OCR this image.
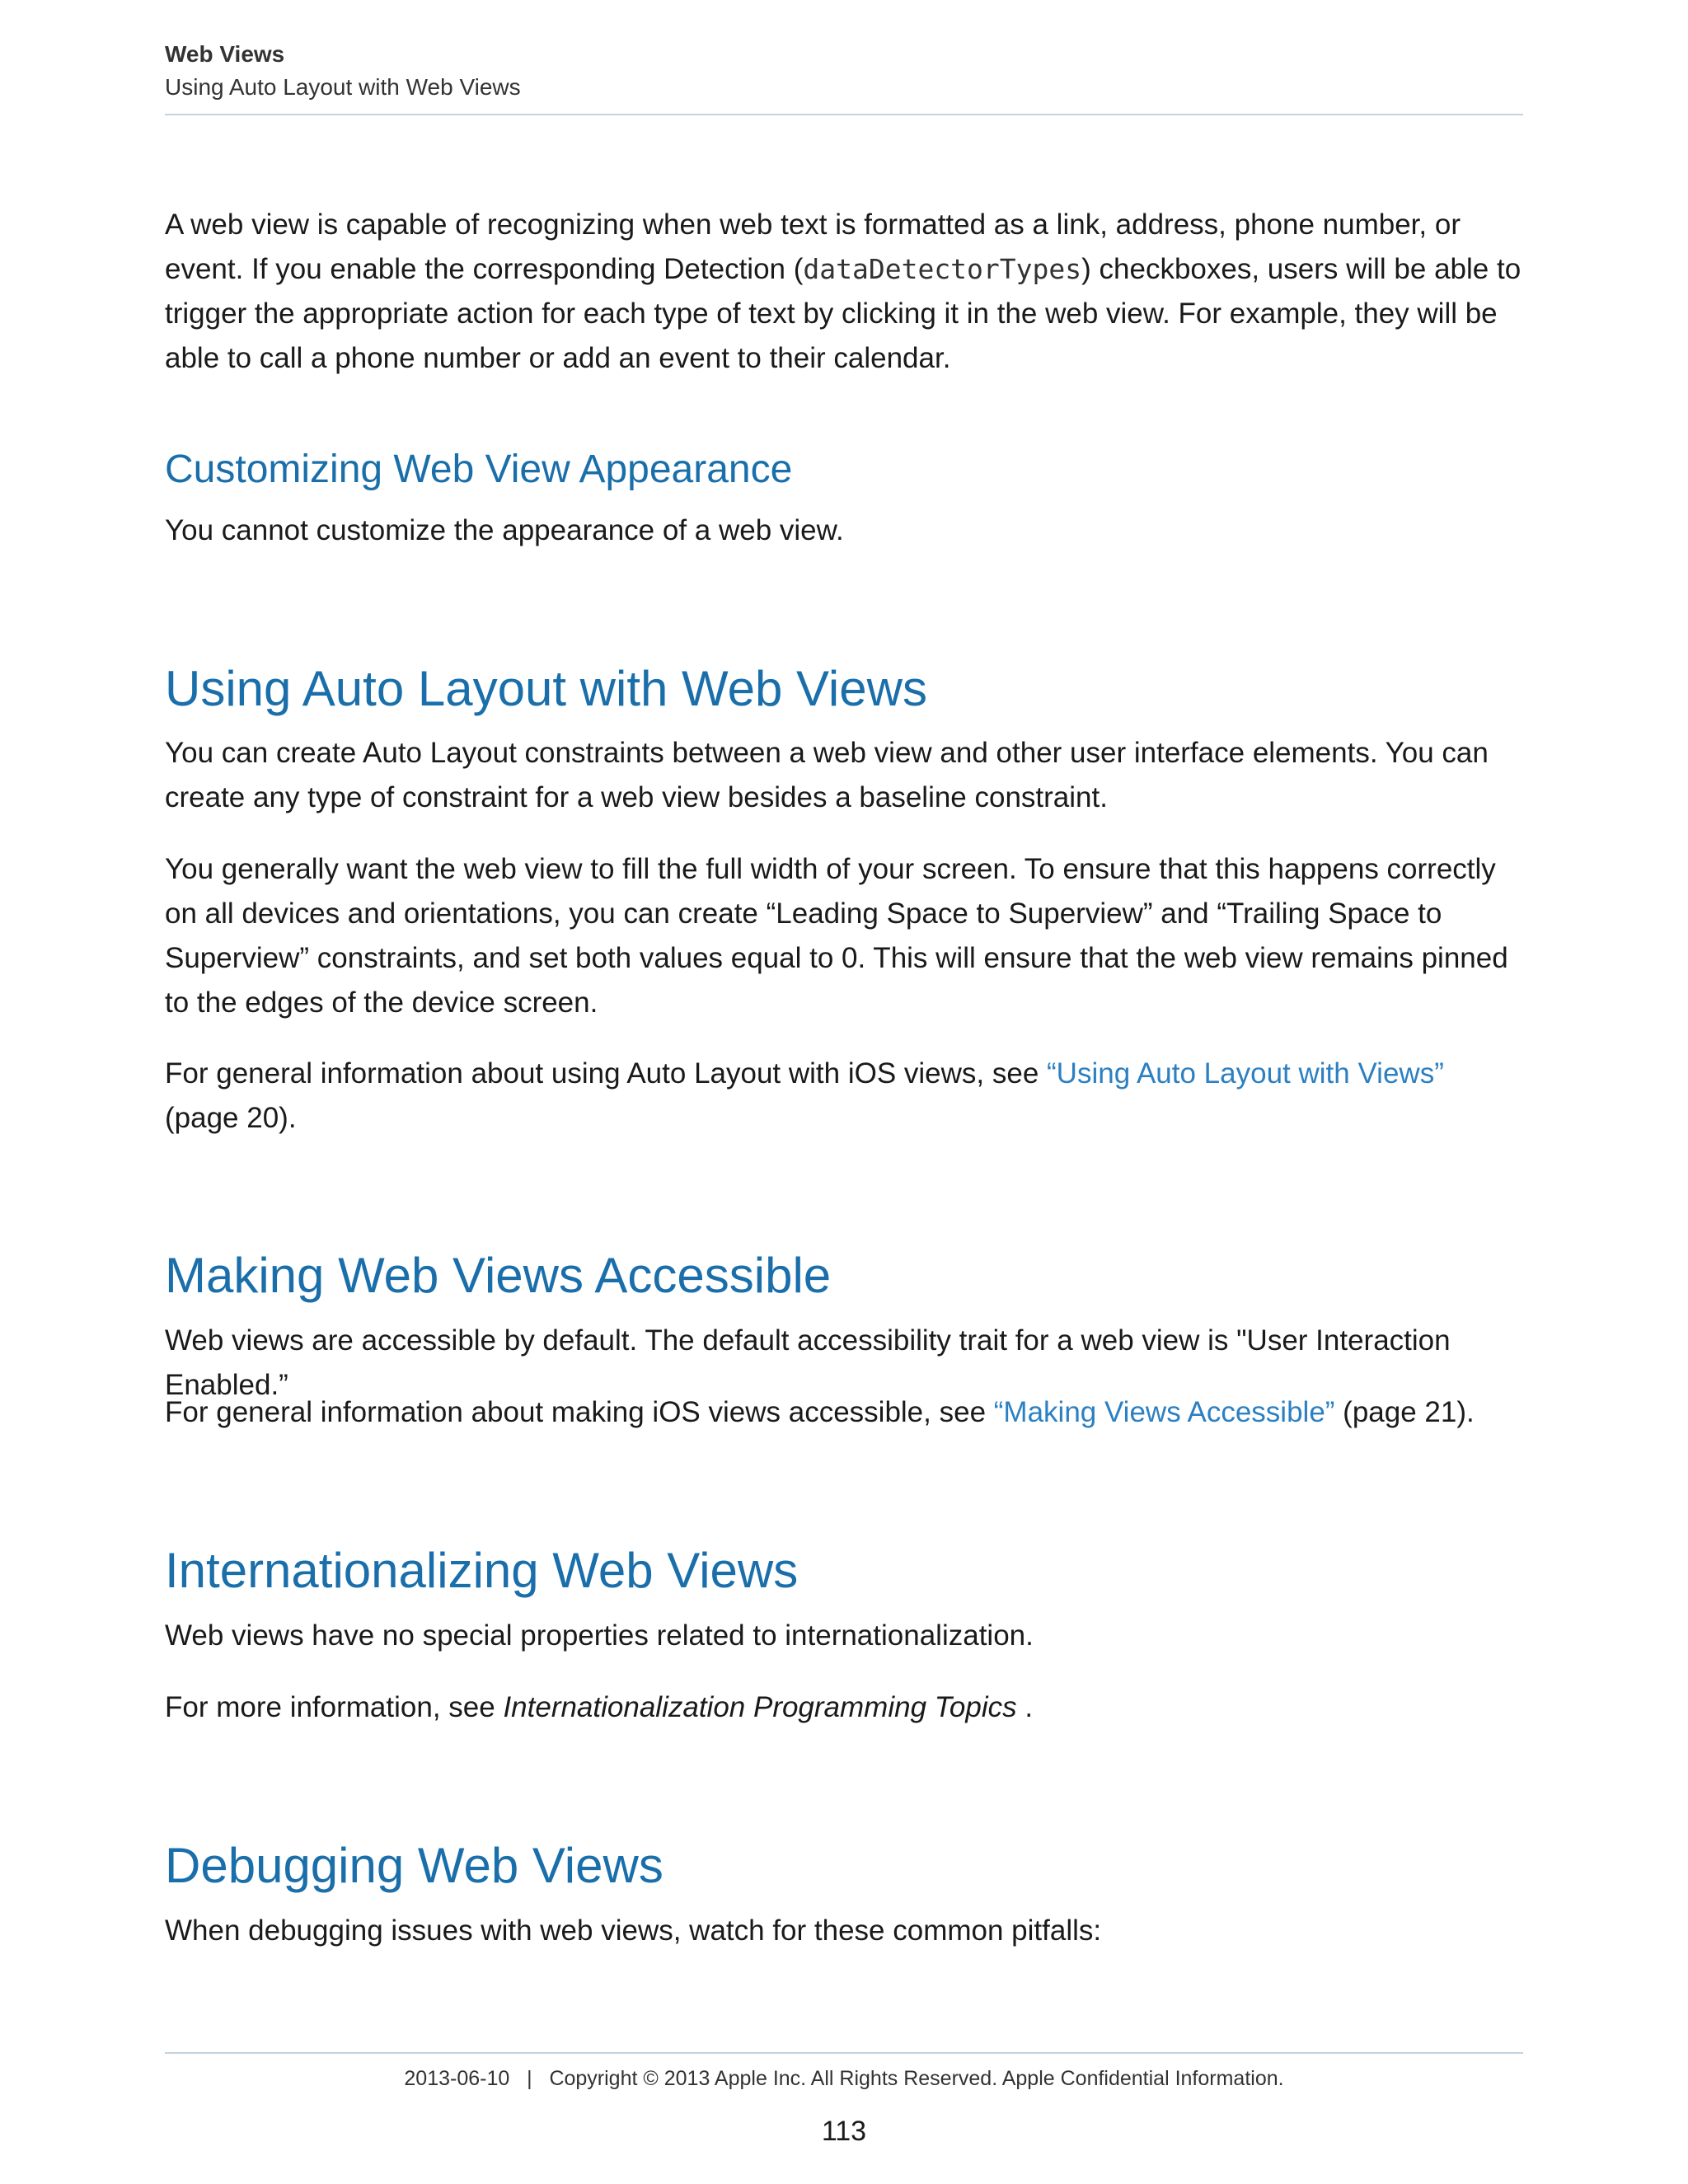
Web Views
Using Auto Layout with Web Views

A web view is capable of recognizing when web text is formatted as a link, address, phone number, or event. If you enable the corresponding Detection (dataDetectorTypes) checkboxes, users will be able to trigger the appropriate action for each type of text by clicking it in the web view. For example, they will be able to call a phone number or add an event to their calendar.

Customizing Web View Appearance

You cannot customize the appearance of a web view.

Using Auto Layout with Web Views

You can create Auto Layout constraints between a web view and other user interface elements. You can create any type of constraint for a web view besides a baseline constraint.

You generally want the web view to fill the full width of your screen. To ensure that this happens correctly on all devices and orientations, you can create “Leading Space to Superview” and “Trailing Space to Superview” constraints, and set both values equal to 0. This will ensure that the web view remains pinned to the edges of the device screen.

For general information about using Auto Layout with iOS views, see “Using Auto Layout with Views” (page 20).

Making Web Views Accessible

Web views are accessible by default. The default accessibility trait for a web view is "User Interaction Enabled.”

For general information about making iOS views accessible, see “Making Views Accessible” (page 21).

Internationalizing Web Views

Web views have no special properties related to internationalization.

For more information, see Internationalization Programming Topics .

Debugging Web Views

When debugging issues with web views, watch for these common pitfalls:

2013-06-10   |   Copyright © 2013 Apple Inc. All Rights Reserved. Apple Confidential Information.
113
